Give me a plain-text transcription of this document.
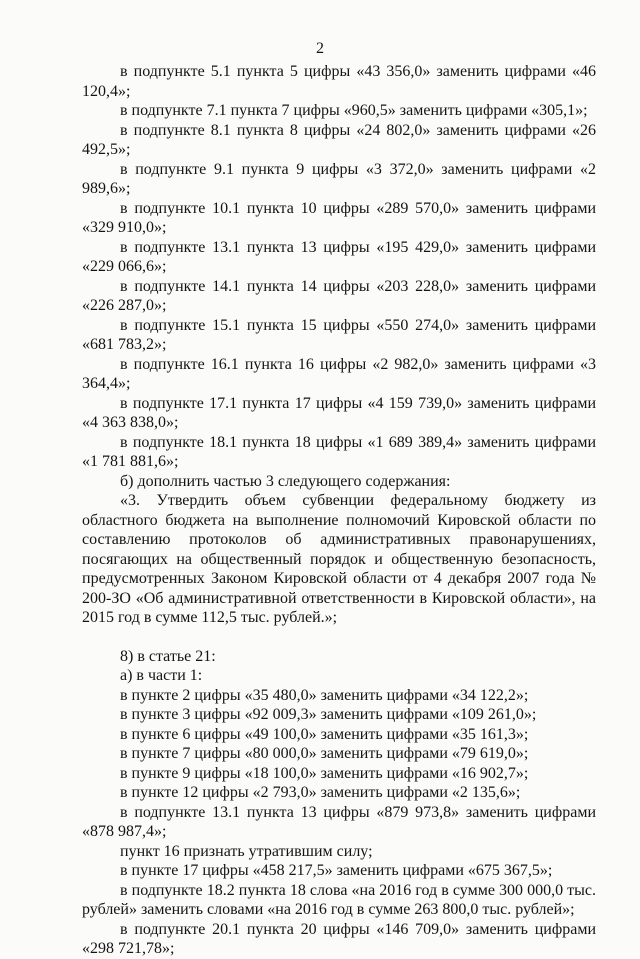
2

в подпункте 5.1 пункта 5 цифры «43 356,0» заменить цифрами «46 120,4»;

в подпункте 7.1 пункта 7 цифры «960,5» заменить цифрами «305,1»;

в подпункте 8.1 пункта 8 цифры «24 802,0» заменить цифрами «26 492,5»;

в подпункте 9.1 пункта 9 цифры «3 372,0» заменить цифрами «2 989,6»;

в подпункте 10.1 пункта 10 цифры «289 570,0» заменить цифрами «329 910,0»;

в подпункте 13.1 пункта 13 цифры «195 429,0» заменить цифрами «229 066,6»;

в подпункте 14.1 пункта 14 цифры «203 228,0» заменить цифрами «226 287,0»;

в подпункте 15.1 пункта 15 цифры «550 274,0» заменить цифрами «681 783,2»;

в подпункте 16.1 пункта 16 цифры «2 982,0» заменить цифрами «3 364,4»;

в подпункте 17.1 пункта 17 цифры «4 159 739,0» заменить цифрами «4 363 838,0»;

в подпункте 18.1 пункта 18 цифры «1 689 389,4» заменить цифрами «1 781 881,6»;

б) дополнить частью 3 следующего содержания:

«3. Утвердить объем субвенции федеральному бюджету из областного бюджета на выполнение полномочий Кировской области по составлению протоколов об административных правонарушениях, посягающих на общественный порядок и общественную безопасность, предусмотренных Законом Кировской области от 4 декабря 2007 года № 200-ЗО «Об административной ответственности в Кировской области», на 2015 год в сумме 112,5 тыс. рублей.»;

8) в статье 21:

а) в части 1:

в пункте 2 цифры «35 480,0» заменить цифрами «34 122,2»;

в пункте 3 цифры «92 009,3» заменить цифрами «109 261,0»;

в пункте 6 цифры «49 100,0» заменить цифрами «35 161,3»;

в пункте 7 цифры «80 000,0» заменить цифрами «79 619,0»;

в пункте 9 цифры «18 100,0» заменить цифрами «16 902,7»;

в пункте 12 цифры «2 793,0» заменить цифрами «2 135,6»;

в подпункте 13.1 пункта 13 цифры «879 973,8» заменить цифрами «878 987,4»;

пункт 16 признать утратившим силу;

в пункте 17 цифры «458 217,5» заменить цифрами «675 367,5»;

в подпункте 18.2 пункта 18 слова «на 2016 год в сумме 300 000,0 тыс. рублей» заменить словами «на 2016 год в сумме 263 800,0 тыс. рублей»;

в подпункте 20.1 пункта 20 цифры «146 709,0» заменить цифрами «298 721,78»;
